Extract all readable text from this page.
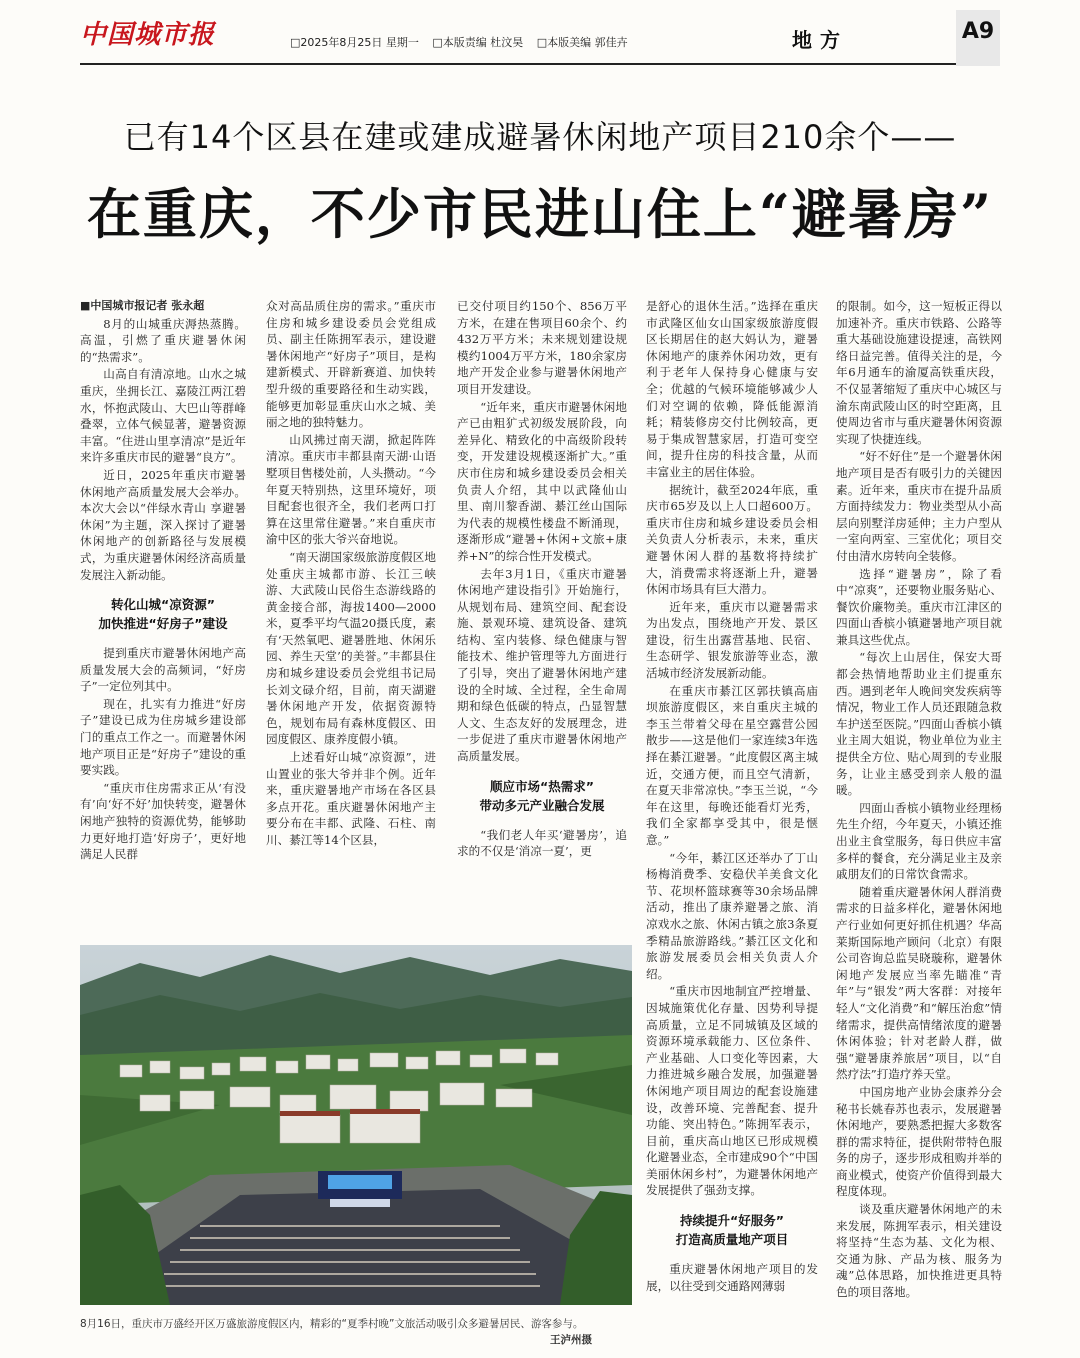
中国城市报	□2025年8月25日 星期一 □本版责编 杜汶昊 □本版美编 郭佳卉	地方	A9
已有14个区县在建或建成避暑休闲地产项目210余个——
在重庆，不少市民进山住上“避暑房”

■中国城市报记者 张永超

8月的山城重庆溽热蒸腾。高温，引燃了重庆避暑休闲的“热需求”。

山高自有清凉地。山水之城重庆，坐拥长江、嘉陵江两江碧水，怀抱武陵山、大巴山等群峰叠翠，立体气候显著，避暑资源丰富。“住进山里享清凉”是近年来许多重庆市民的避暑“良方”。

近日，2025年重庆市避暑休闲地产高质量发展大会举办。本次大会以“伴绿水青山 享避暑休闲”为主题，深入探讨了避暑休闲地产的创新路径与发展模式，为重庆避暑休闲经济高质量发展注入新动能。

转化山城“凉资源”
加快推进“好房子”建设

提到重庆市避暑休闲地产高质量发展大会的高频词，“好房子”一定位列其中。

现在，扎实有力推进“好房子”建设已成为住房城乡建设部门的重点工作之一。而避暑休闲地产项目正是“好房子”建设的重要实践。

“重庆市住房需求正从‘有没有’向‘好不好’加快转变，避暑休闲地产独特的资源优势，能够助力更好地打造‘好房子’，更好地满足人民群

众对高品质住房的需求。”重庆市住房和城乡建设委员会党组成员、副主任陈拥军表示，建设避暑休闲地产“好房子”项目，是构建新模式、开辟新赛道、加快转型升级的重要路径和生动实践，能够更加彰显重庆山水之城、美丽之地的独特魅力。

山风拂过南天湖，掀起阵阵清凉。重庆市丰都县南天湖·山语墅项目售楼处前，人头攒动。“今年夏天特别热，这里环境好，项目配套也很齐全，我们老两口打算在这里常住避暑。”来自重庆市渝中区的张大爷兴奋地说。

“南天湖国家级旅游度假区地处重庆主城都市游、长江三峡游、大武陵山民俗生态游线路的黄金接合部，海拔1400—2000米，夏季平均气温20摄氏度，素有‘天然氧吧、避暑胜地、休闲乐园、养生天堂’的美誉。”丰都县住房和城乡建设委员会党组书记局长刘文碌介绍，目前，南天湖避暑休闲地产开发，依据资源特色，规划布局有森林度假区、田园度假区、康养度假小镇。

上述看好山城“凉资源”，进山置业的张大爷并非个例。近年来，重庆避暑地产市场在各区县多点开花。重庆避暑休闲地产主要分布在丰都、武隆、石柱、南川、綦江等14个区县，

已交付项目约150个、856万平方米，在建在售项目60余个、约432万平方米；未来规划建设规模约1004万平方米，180余家房地产开发企业参与避暑休闲地产项目开发建设。

“近年来，重庆市避暑休闲地产已由粗犷式初级发展阶段，向差异化、精致化的中高级阶段转变，开发建设规模逐渐扩大。”重庆市住房和城乡建设委员会相关负责人介绍，其中以武隆仙山里、南川黎香湖、綦江丝山国际为代表的规模性楼盘不断涌现，逐渐形成“避暑+休闲+文旅+康养+N”的综合性开发模式。

去年3月1日，《重庆市避暑休闲地产建设指引》开始施行，从规划布局、建筑空间、配套设施、景观环境、建筑设备、建筑结构、室内装修、绿色健康与智能技术、维护管理等九方面进行了引导，突出了避暑休闲地产建设的全时域、全过程，全生命周期和绿色低碳的特点，凸显智慧人文、生态友好的发展理念，进一步促进了重庆市避暑休闲地产高质量发展。

顺应市场“热需求”
带动多元产业融合发展

“我们老人年买‘避暑房’，追求的不仅是‘消凉一夏’，更

是舒心的退休生活。”选择在重庆市武隆区仙女山国家级旅游度假区长期居住的赵大妈认为，避暑休闲地产的康养休闲功效，更有利于老年人保持身心健康与安全；优越的气候环境能够减少人们对空调的依赖，降低能源消耗；精装修房交付比例较高，更易于集成智慧家居，打造可变空间，提升住房的科技含量，从而丰富业主的居住体验。

据统计，截至2024年底，重庆市65岁及以上人口超600万。重庆市住房和城乡建设委员会相关负责人分析表示，未来，重庆避暑休闲人群的基数将持续扩大，消费需求将逐渐上升，避暑休闲市场具有巨大潜力。

近年来，重庆市以避暑需求为出发点，围绕地产开发、景区建设，衍生出露营基地、民宿、生态研学、银发旅游等业态，激活城市经济发展新动能。

在重庆市綦江区郭扶镇高庙坝旅游度假区，来自重庆主城的李玉兰带着父母在星空露营公园散步——这是他们一家连续3年选择在綦江避暑。“此度假区离主城近，交通方便，而且空气清新，在夏天非常凉快。”李玉兰说，“今年在这里，每晚还能看灯光秀，我们全家都享受其中，很是惬意。”

“今年，綦江区还举办了丁山杨梅消费季、安稳伏羊美食文化节、花坝杯篮球赛等30余场品牌活动，推出了康养避暑之旅、消凉戏水之旅、休闲古镇之旅3条夏季精品旅游路线。”綦江区文化和旅游发展委员会相关负责人介绍。

“重庆市因地制宜严控增量、因城施策优化存量、因势利导提高质量，立足不同城镇及区域的资源环境承载能力、区位条件、产业基础、人口变化等因素，大力推进城乡融合发展，加强避暑休闲地产项目周边的配套设施建设，改善环境、完善配套、提升功能、突出特色。”陈拥军表示，目前，重庆高山地区已形成规模化避暑业态，全市建成90个“中国美丽休闲乡村”，为避暑休闲地产发展提供了强劲支撑。

持续提升“好服务”
打造高质量地产项目

重庆避暑休闲地产项目的发展，以往受到交通路网薄弱

的限制。如今，这一短板正得以加速补齐。重庆市铁路、公路等重大基础设施建设提速，高铁网络日益完善。值得关注的是，今年6月通车的渝厦高铁重庆段，不仅显著缩短了重庆中心城区与渝东南武陵山区的时空距离，且使周边省市与重庆避暑休闲资源实现了快捷连线。

“好不好住”是一个避暑休闲地产项目是否有吸引力的关键因素。近年来，重庆市在提升品质方面持续发力：物业类型从小高层向别墅洋房延伸；主力户型从一室向两室、三室优化；项目交付由清水房转向全装修。

选择“避暑房”，除了看中“凉爽”，还要物业服务贴心、餐饮价廉物美。重庆市江津区的四面山香槟小镇避暑地产项目就兼具这些优点。

“每次上山居住，保安大哥都会热情地帮助业主们提重东西。遇到老年人晚间突发疾病等情况，物业工作人员还跟随急救车护送至医院。”四面山香槟小镇业主周大姐说，物业单位为业主提供全方位、贴心周到的专业服务，让业主感受到亲人般的温暖。

四面山香槟小镇物业经理杨先生介绍，今年夏天，小镇还推出业主食堂服务，每日供应丰富多样的餐食，充分满足业主及亲戚朋友们的日常饮食需求。

随着重庆避暑休闲人群消费需求的日益多样化，避暑休闲地产行业如何更好抓住机遇？华高莱斯国际地产顾问（北京）有限公司咨询总监吴晓璇称，避暑休闲地产发展应当率先瞄准“青年”与“银发”两大客群：对接年轻人“文化消费”和“解压治愈”情绪需求，提供高情绪浓度的避暑休闲体验；针对老龄人群，做强“避暑康养旅居”项目，以“自然疗法”打造疗养天堂。

中国房地产业协会康养分会秘书长姚春苏也表示，发展避暑休闲地产，要熟悉把握大多数客群的需求特征，提供附带特色服务的房子，逐步形成租购并举的商业模式，使资产价值得到最大程度体现。

谈及重庆避暑休闲地产的未来发展，陈拥军表示，相关建设将坚持“生态为基、文化为根、交通为脉、产品为核、服务为魂”总体思路，加快推进更具特色的项目落地。

8月16日，重庆市万盛经开区万盛旅游度假区内，精彩的“夏季村晚”文旅活动吸引众多避暑居民、游客参与。
王泸州摄
